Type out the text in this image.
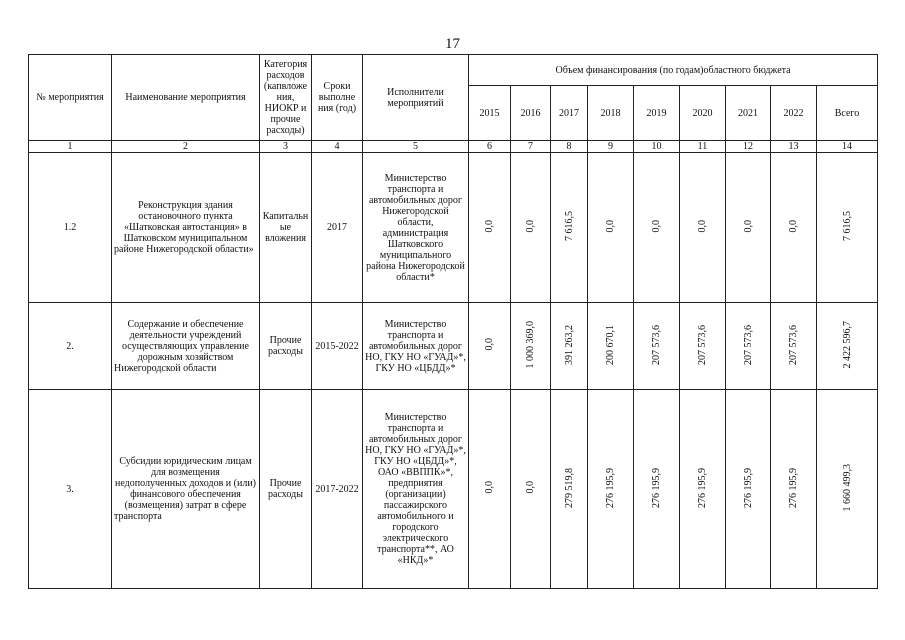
17
№ мероприятия	Наименование мероприятия	Категория расходов (капвложе ния, НИОКР и прочие расходы)	Сроки выполне ния (год)	Исполнители мероприятий	Объем финансирования (по годам)областного бюджета								
					2015	2016	2017	2018	2019	2020	2021	2022	Всего
1	2	3	4	5	6	7	8	9	10	11	12	13	14
1.2	Реконструкция здания остановочного пункта «Шатковская автостанция» в Шатковском муниципальном районе Нижегородской области»	Капитальн ые вложения	2017	Министерство транспорта и автомобильных дорог Нижегородской области, администрация Шатковского муниципального района Нижегородской области*	0,0	0,0	7 616,5	0,0	0,0	0,0	0,0	0,0	7 616,5
2.	Содержание и обеспечение деятельности учреждений осуществляющих управление дорожным хозяйством Нижегородской области	Прочие расходы	2015-2022	Министерство транспорта и автомобильных дорог НО, ГКУ НО «ГУАД»*, ГКУ НО «ЦБДД»*	0,0	1 000 369,0	391 263,2	200 670,1	207 573,6	207 573,6	207 573,6	207 573,6	2 422 596,7
3.	Субсидии юридическим лицам для возмещения недополученных доходов и (или) финансового обеспечения (возмещения) затрат в сфере транспорта	Прочие расходы	2017-2022	Министерство транспорта и автомобильных дорог НО, ГКУ НО «ГУАД»*, ГКУ НО «ЦБДД»*, ОАО «ВВППК»*, предприятия (организации) пассажирского автомобильного и городского электрического транспорта**, АО «НКД»*	0,0	0,0	279 519,8	276 195,9	276 195,9	276 195,9	276 195,9	276 195,9	1 660 499,3
